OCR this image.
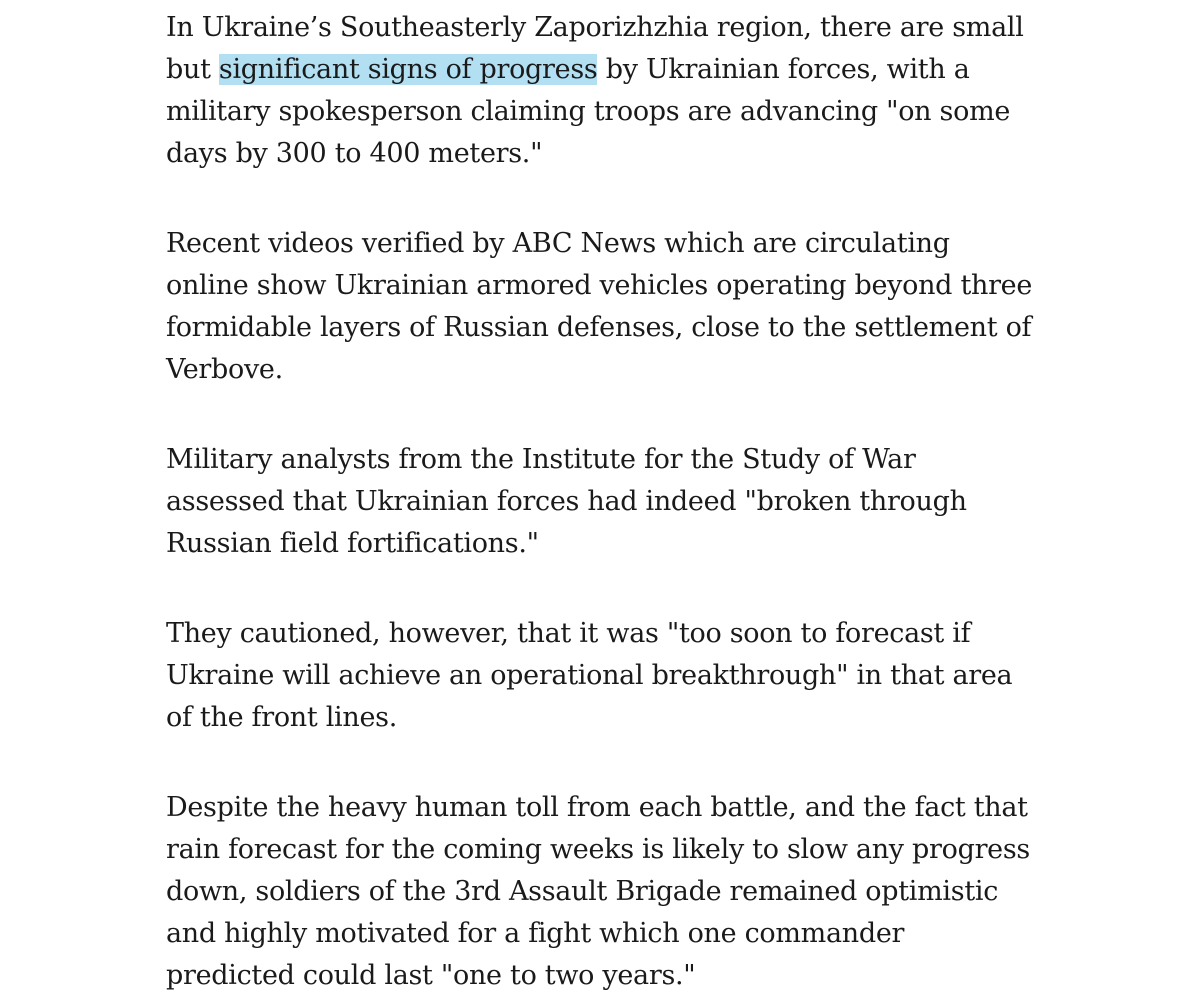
In Ukraine’s Southeasterly Zaporizhzhia region, there are small but significant signs of progress by Ukrainian forces, with a military spokesperson claiming troops are advancing "on some days by 300 to 400 meters."

Recent videos verified by ABC News which are circulating online show Ukrainian armored vehicles operating beyond three formidable layers of Russian defenses, close to the settlement of Verbove.

Military analysts from the Institute for the Study of War assessed that Ukrainian forces had indeed "broken through Russian field fortifications."

They cautioned, however, that it was "too soon to forecast if Ukraine will achieve an operational breakthrough" in that area of the front lines.

Despite the heavy human toll from each battle, and the fact that rain forecast for the coming weeks is likely to slow any progress down, soldiers of the 3rd Assault Brigade remained optimistic and highly motivated for a fight which one commander predicted could last "one to two years."
